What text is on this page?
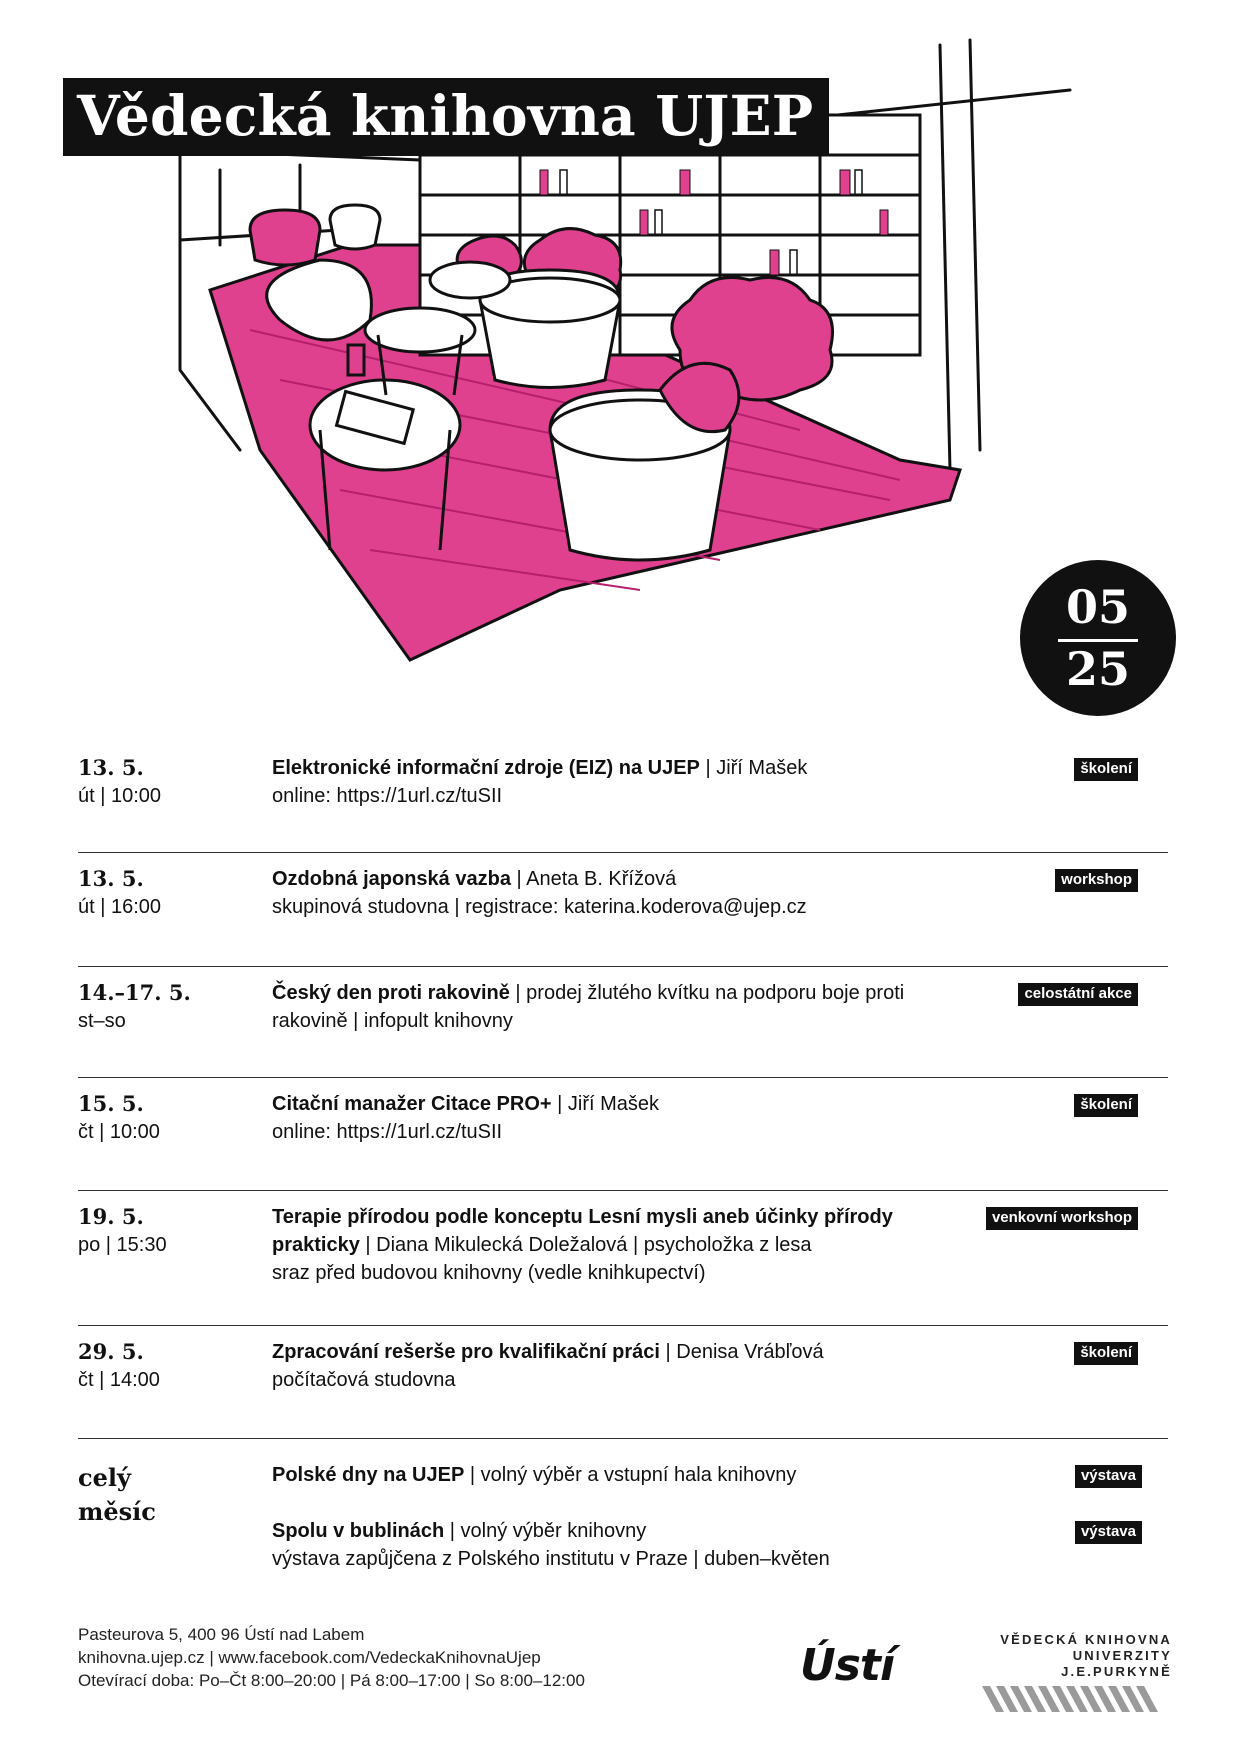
Vědecká knihovna UJEP
05
25
13. 5.
út | 10:00
Elektronické informační zdroje (EIZ) na UJEP | Jiří Mašek
online: https://1url.cz/tuSII
školení
13. 5.
út | 16:00
Ozdobná japonská vazba | Aneta B. Křížová
skupinová studovna | registrace: katerina.koderova@ujep.cz
workshop
14.–17. 5.
st–so
Český den proti rakovině | prodej žlutého kvítku na podporu boje proti rakovině | infopult knihovny
celostátní akce
15. 5.
čt | 10:00
Citační manažer Citace PRO+ | Jiří Mašek
online: https://1url.cz/tuSII
školení
19. 5.
po | 15:30
Terapie přírodou podle konceptu Lesní mysli aneb účinky přírody prakticky | Diana Mikulecká Doležalová | psycholožka z lesa
sraz před budovou knihovny (vedle knihkupectví)
venkovní workshop
29. 5.
čt | 14:00
Zpracování rešerše pro kvalifikační práci | Denisa Vrábľová
počítačová studovna
školení
celý
měsíc
Polské dny na UJEP | volný výběr a vstupní hala knihovny	výstava
Spolu v bublinách | volný výběr knihovny
výstava zapůjčena z Polského institutu v Praze | duben–květen
výstava
Pasteurova 5, 400 96 Ústí nad Labem
knihovna.ujep.cz | www.facebook.com/VedeckaKnihovnaUjep
Otevírací doba: Po–Čt 8:00–20:00 | Pá 8:00–17:00 | So 8:00–12:00	Ústí
VĚDECKÁ KNIHOVNA
UNIVERZITY J.E.PURKYNĚ
